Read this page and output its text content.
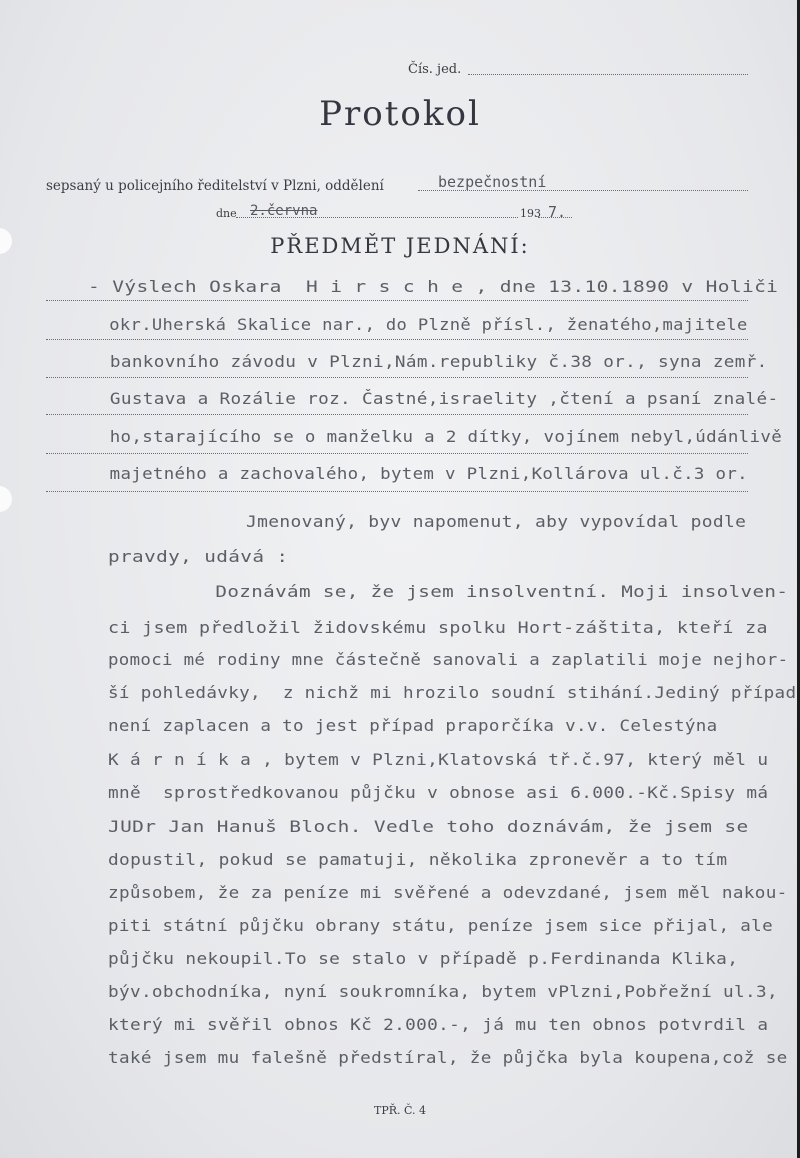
Čís. jed.
Protokol
sepsaný u policejního ředitelství v Plzni, oddělení	bezpečnostní
dne 2.června	193 7.
PŘEDMĚT JEDNÁNÍ:
- Výslech Oskara  H i r s c h e , dne 13.10.1890 v Holiči
okr.Uherská Skalice nar., do Plzně přísl., ženatého,majitele
bankovního závodu v Plzni,Nám.republiky č.38 or., syna zemř.
Gustava a Rozálie roz. Častné,israelity ,čtení a psaní znalé-
ho,starajícího se o manželku a 2 dítky, vojínem nebyl,údánlivě
majetného a zachovalého, bytem v Plzni,Kollárova ul.č.3 or.
Jmenovaný, byv napomenut, aby vypovídal podle
pravdy, udává :
Doznávám se, že jsem insolventní. Moji insolven-
ci jsem předložil židovskému spolku Hort-záštita, kteří za
pomoci mé rodiny mne částečně sanovali a zaplatili moje nejhor-
ší pohledávky,  z nichž mi hrozilo soudní stihání.Jediný případ
není zaplacen a to jest případ praporčíka v.v. Celestýna
K á r n í k a , bytem v Plzni,Klatovská tř.č.97, který měl u
mně  sprostředkovanou půjčku v obnose asi 6.000.-Kč.Spisy má
JUDr Jan Hanuš Bloch. Vedle toho doznávám, že jsem se
dopustil, pokud se pamatuji, několika zpronevěr a to tím
způsobem, že za peníze mi svěřené a odevzdané, jsem měl nakou-
piti státní půjčku obrany státu, peníze jsem sice přijal, ale
půjčku nekoupil.To se stalo v případě p.Ferdinanda Klika,
býv.obchodníka, nyní soukromníka, bytem vPlzni,Pobřežní ul.3,
který mi svěřil obnos Kč 2.000.-, já mu ten obnos potvrdil a
také jsem mu falešně předstíral, že půjčka byla koupena,což se
TPŘ. Č. 4
